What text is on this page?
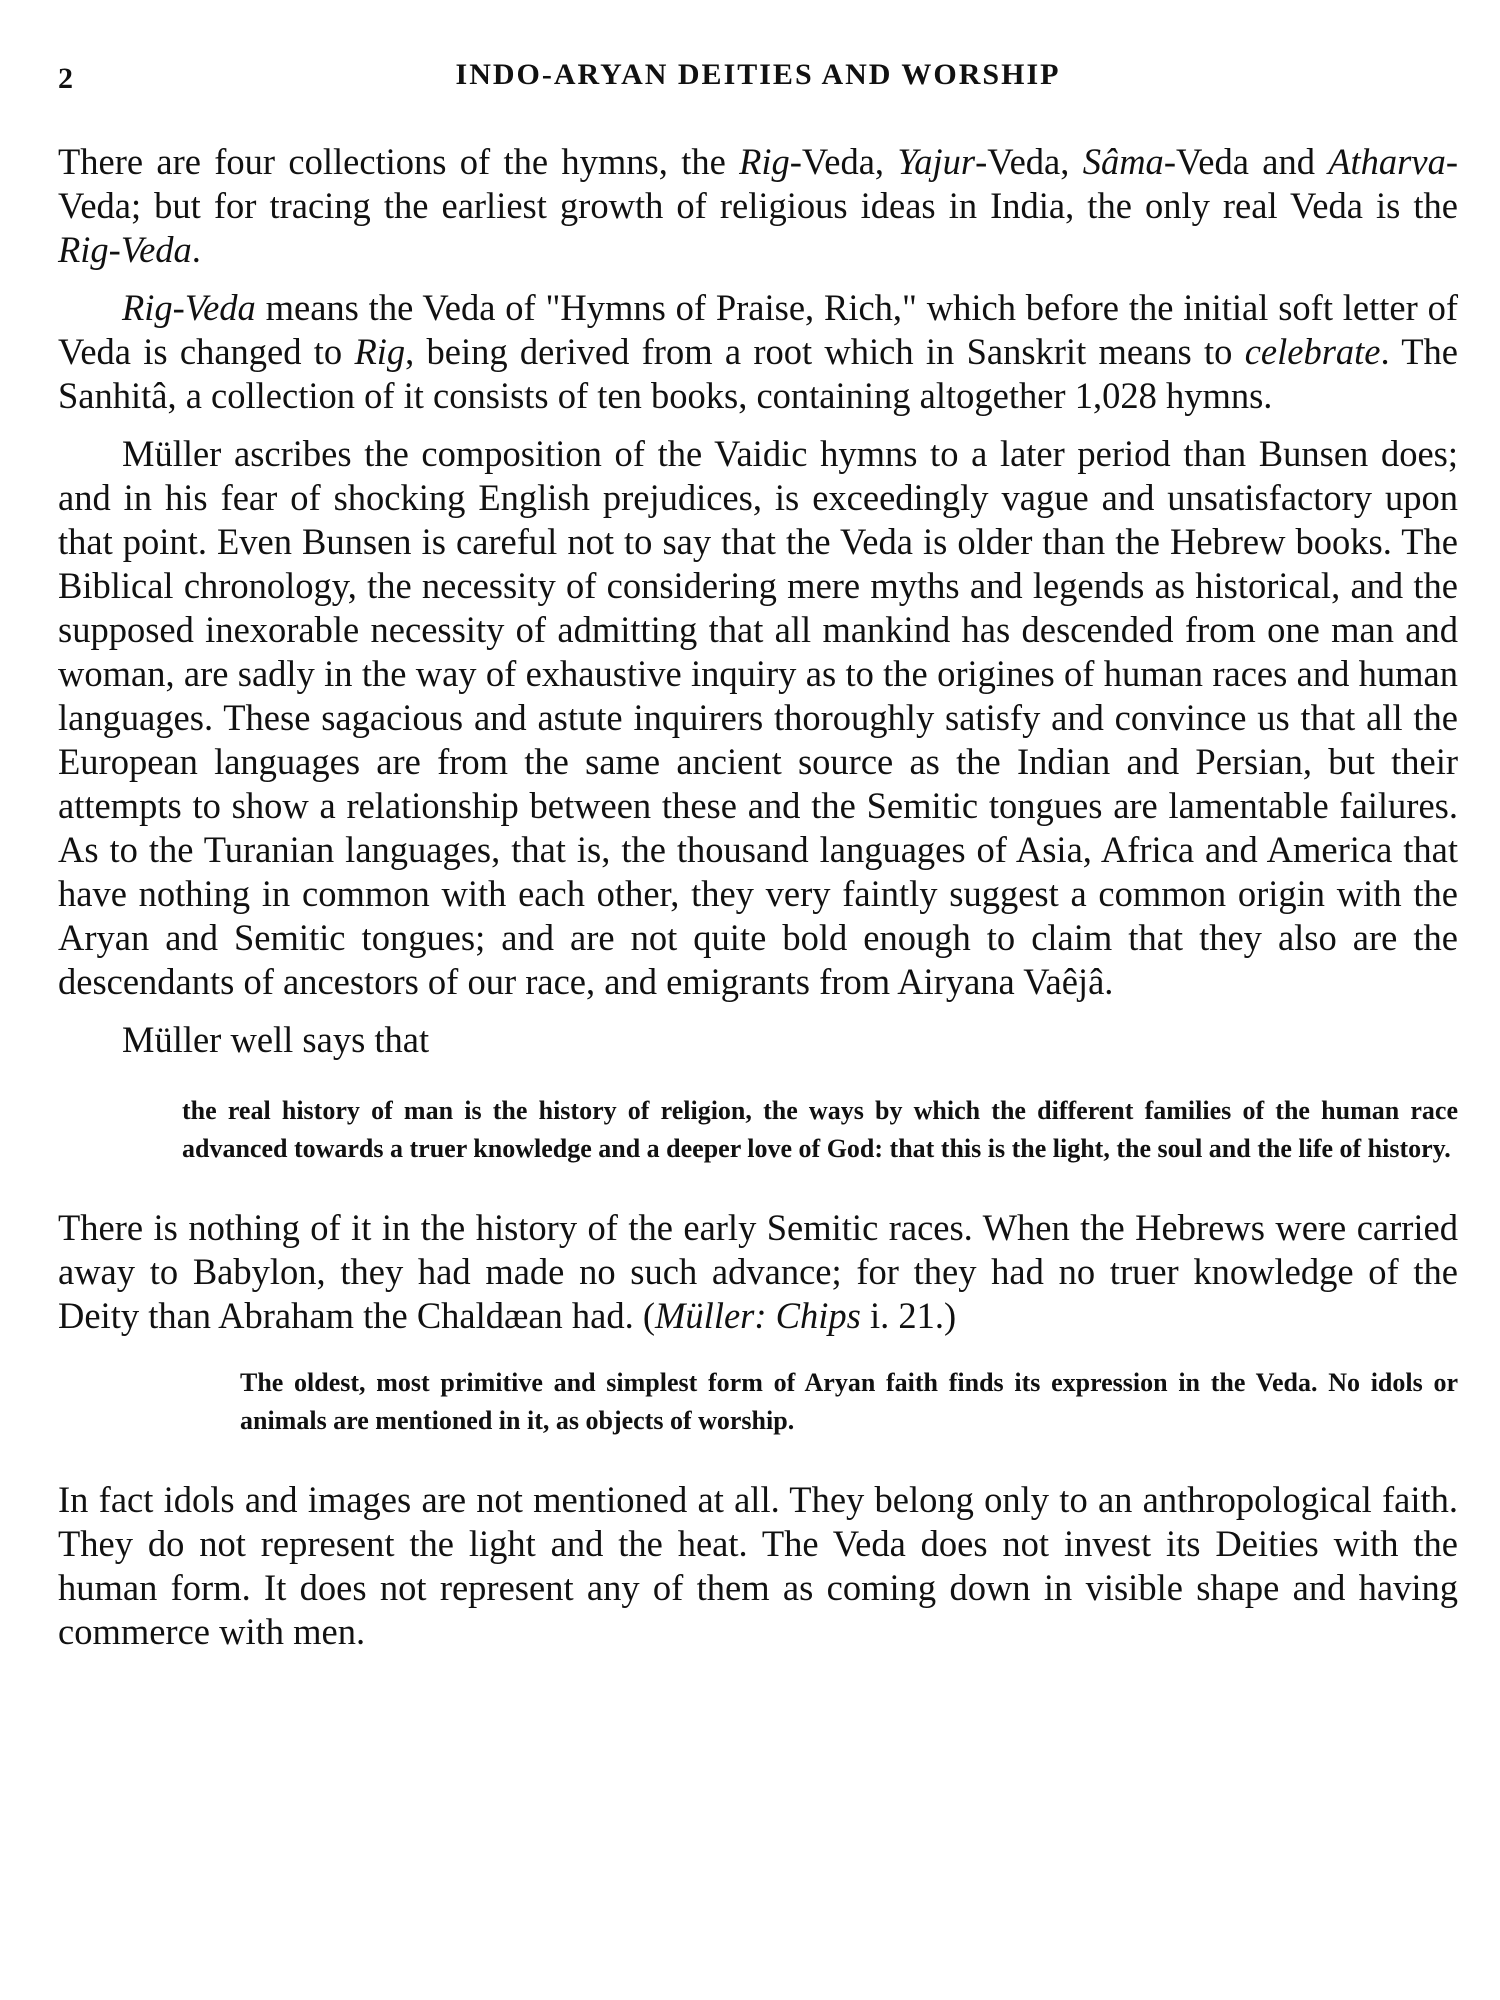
2	INDO-ARYAN DEITIES AND WORSHIP

There are four collections of the hymns, the Rig-Veda, Yajur-Veda, Sâma-Veda and Atharva-Veda; but for tracing the earliest growth of religious ideas in India, the only real Veda is the Rig-Veda.

Rig-Veda means the Veda of "Hymns of Praise, Rich," which before the initial soft letter of Veda is changed to Rig, being derived from a root which in Sanskrit means to celebrate. The Sanhitâ, a collection of it consists of ten books, containing altogether 1,028 hymns.

Müller ascribes the composition of the Vaidic hymns to a later period than Bunsen does; and in his fear of shocking English prejudices, is exceedingly vague and unsatisfactory upon that point. Even Bunsen is careful not to say that the Veda is older than the Hebrew books. The Biblical chronology, the necessity of considering mere myths and legends as historical, and the supposed inexorable necessity of admitting that all mankind has descended from one man and woman, are sadly in the way of exhaustive inquiry as to the origines of human races and human languages. These sagacious and astute inquirers thoroughly satisfy and convince us that all the European languages are from the same ancient source as the Indian and Persian, but their attempts to show a relationship between these and the Semitic tongues are lamentable failures. As to the Turanian languages, that is, the thousand languages of Asia, Africa and America that have nothing in common with each other, they very faintly suggest a common origin with the Aryan and Semitic tongues; and are not quite bold enough to claim that they also are the descendants of ancestors of our race, and emigrants from Airyana Vaêjâ.

Müller well says that

the real history of man is the history of religion, the ways by which the different families of the human race advanced towards a truer knowledge and a deeper love of God: that this is the light, the soul and the life of history.

There is nothing of it in the history of the early Semitic races. When the Hebrews were carried away to Babylon, they had made no such advance; for they had no truer knowledge of the Deity than Abraham the Chaldæan had. (Müller: Chips i. 21.)

The oldest, most primitive and simplest form of Aryan faith finds its expression in the Veda. No idols or animals are mentioned in it, as objects of worship.

In fact idols and images are not mentioned at all. They belong only to an anthropological faith. They do not represent the light and the heat. The Veda does not invest its Deities with the human form. It does not represent any of them as coming down in visible shape and having commerce with men.
